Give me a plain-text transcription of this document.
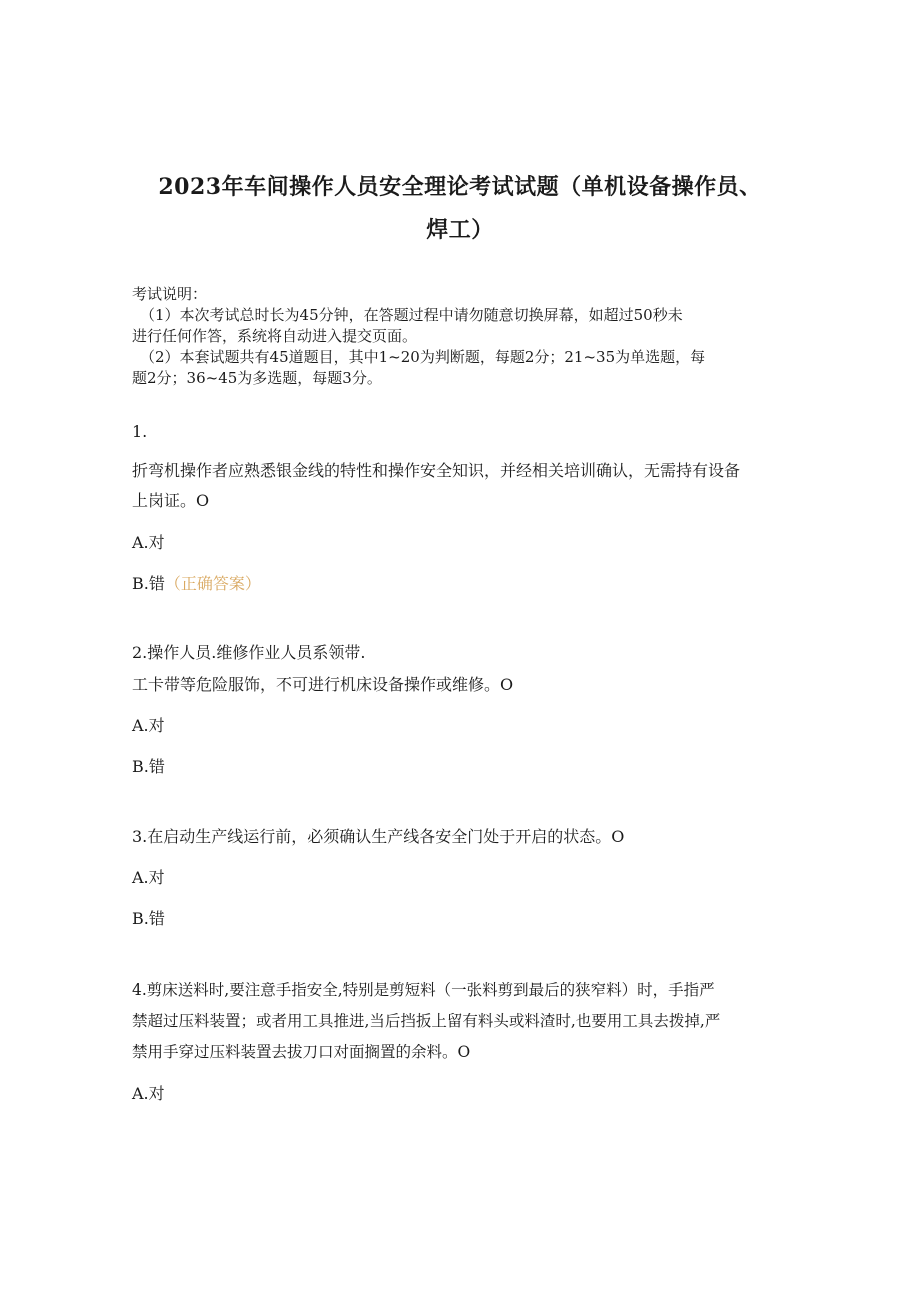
2023年车间操作人员安全理论考试试题（单机设备操作员、
焊工）
考试说明：
（1）本次考试总时长为45分钟，在答题过程中请勿随意切换屏幕，如超过50秒未
进行任何作答，系统将自动进入提交页面。
（2）本套试题共有45道题目，其中1~20为判断题，每题2分；21~35为单选题，每
题2分；36~45为多选题，每题3分。
1.
折弯机操作者应熟悉银金线的特性和操作安全知识，并经相关培训确认，无需持有设备
上岗证。O
A.对
B.错（正确答案）
2.操作人员.维修作业人员系领带.
工卡带等危险服饰，不可进行机床设备操作或维修。O
A.对
B.错
3.在启动生产线运行前，必须确认生产线各安全门处于开启的状态。O
A.对
B.错
4.剪床送料时,要注意手指安全,特别是剪短料（一张料剪到最后的狭窄料）时，手指严
禁超过压料装置；或者用工具推进,当后挡扳上留有料头或料渣时,也要用工具去拨掉,严
禁用手穿过压料装置去拔刀口对面搁置的余料。O
A.对
